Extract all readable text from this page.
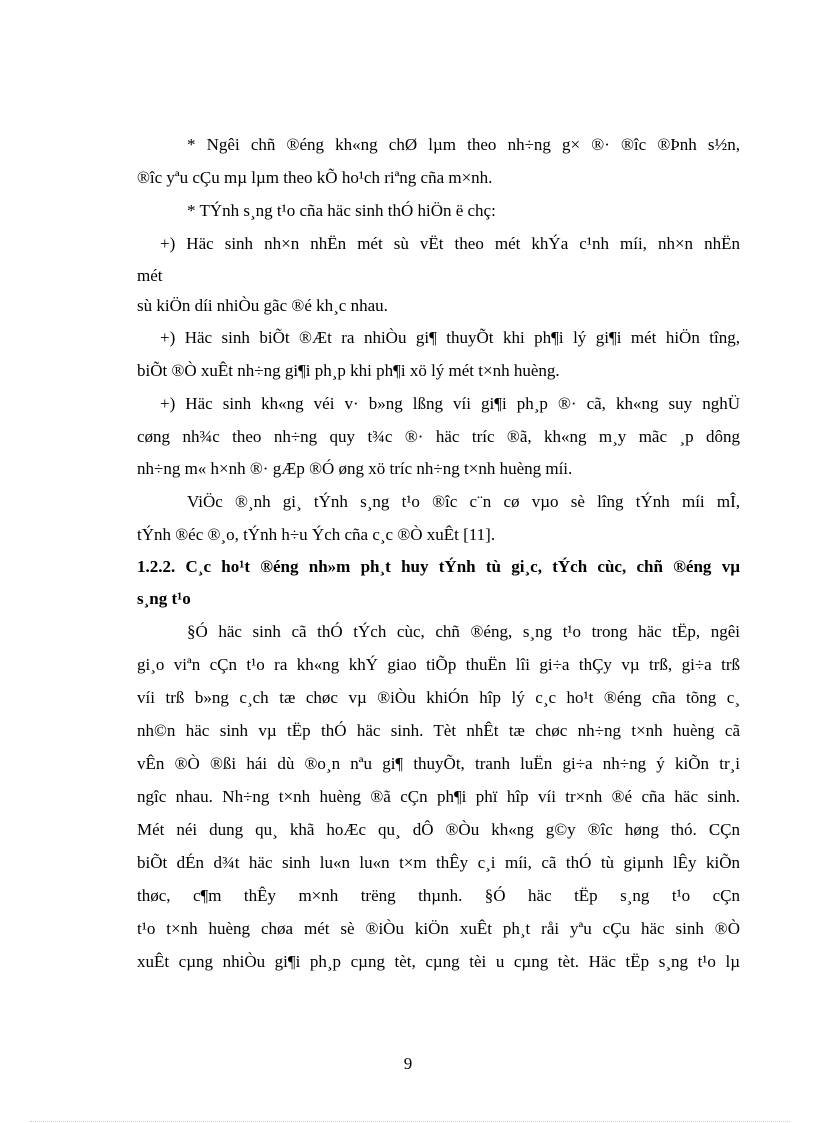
* Ngêi chñ ®éng kh«ng chØ lµm theo nh÷ng g× ®· ®îc ®Þnh s½n,
®îc yªu cÇu mµ lµm theo kÕ ho¹ch riªng cña m×nh.
* TÝnh s¸ng t¹o cña häc sinh thÓ hiÖn ë chç:
+) Häc sinh nh×n nhËn mét sù vËt theo mét khÝa c¹nh míi, nh×n nhËn
mét
sù kiÖn díi nhiÒu gãc ®é kh¸c nhau.
+) Häc sinh biÕt ®Æt ra nhiÒu gi¶ thuyÕt khi ph¶i lý gi¶i mét hiÖn tîng,
biÕt ®Ò xuÊt nh÷ng gi¶i ph¸p khi ph¶i xö lý mét t×nh huèng.
+) Häc sinh kh«ng véi v· b»ng lßng víi gi¶i ph¸p ®· cã, kh«ng suy nghÜ
cøng nh¾c theo nh÷ng quy t¾c ®· häc tríc ®ã, kh«ng m¸y mãc ¸p dông
nh÷ng m« h×nh ®· gÆp ®Ó øng xö tríc nh÷ng t×nh huèng míi.
ViÖc ®¸nh gi¸ tÝnh s¸ng t¹o ®îc c¨n cø vµo sè lîng tÝnh míi mÎ,
tÝnh ®éc ®¸o, tÝnh h÷u Ých cña c¸c ®Ò xuÊt [11].
1.2.2. C¸c ho¹t ®éng nh»m ph¸t huy tÝnh tù gi¸c, tÝch cùc, chñ ®éng vµ
s¸ng t¹o
§Ó häc sinh cã thÓ tÝch cùc, chñ ®éng, s¸ng t¹o trong häc tËp, ngêi
gi¸o viªn cÇn t¹o ra kh«ng khÝ giao tiÕp thuËn lîi gi÷a thÇy vµ trß, gi÷a trß
víi trß b»ng c¸ch tæ chøc vµ ®iÒu khiÓn hîp lý c¸c ho¹t ®éng cña tõng c¸
nh©n häc sinh vµ tËp thÓ häc sinh. Tèt nhÊt tæ chøc nh÷ng t×nh huèng cã
vÊn ®Ò ®ßi hái dù ®o¸n nªu gi¶ thuyÕt, tranh luËn gi÷a nh÷ng ý kiÕn tr¸i
ngîc nhau. Nh÷ng t×nh huèng ®ã cÇn ph¶i phï hîp víi tr×nh ®é cña häc sinh.
Mét néi dung qu¸ khã hoÆc qu¸ dÔ ®Òu kh«ng g©y ®îc høng thó. CÇn
biÕt dÉn d¾t häc sinh lu«n lu«n t×m thÊy c¸i míi, cã thÓ tù giµnh lÊy kiÕn
thøc, c¶m thÊy m×nh trëng thµnh. §Ó häc tËp s¸ng t¹o cÇn
t¹o t×nh huèng chøa mét sè ®iÒu kiÖn xuÊt ph¸t råi yªu cÇu häc sinh ®Ò
xuÊt cµng nhiÒu gi¶i ph¸p cµng tèt, cµng tèi u cµng tèt. Häc tËp s¸ng t¹o lµ
9
